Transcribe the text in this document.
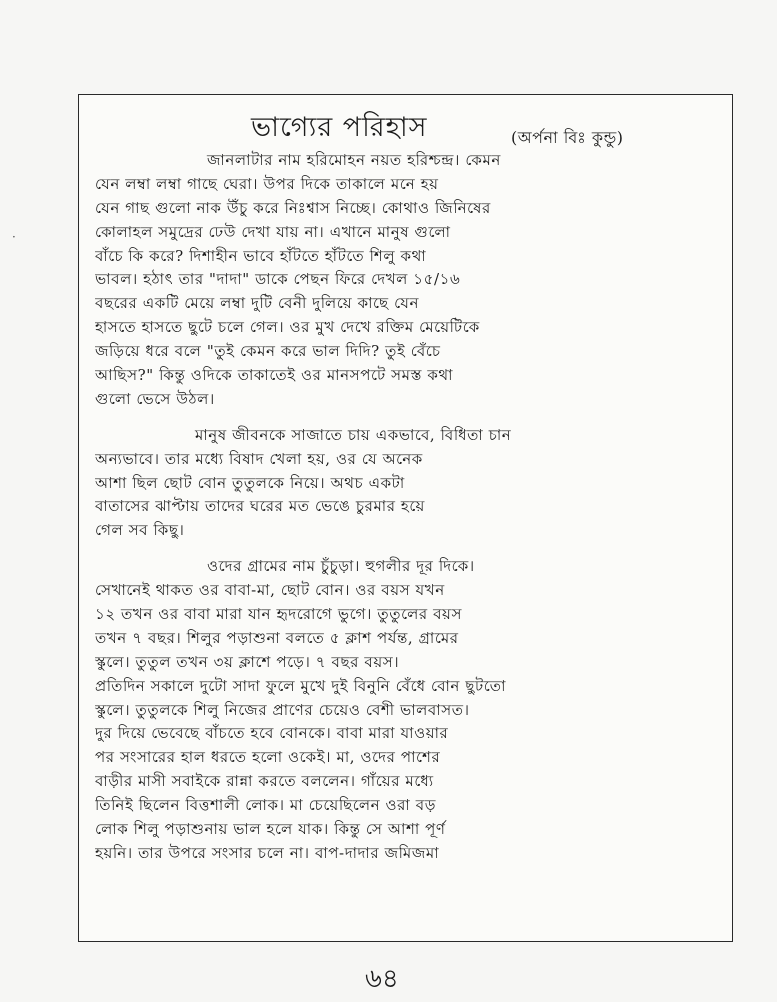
·
ভাগ্যের পরিহাস	(অর্পনা বিঃ কুন্ডু)
জানলাটার নাম হরিমোহন নয়ত হরিশ্চন্দ্র। কেমন
যেন লম্বা লম্বা গাছে ঘেরা। উপর দিকে তাকালে মনে হয়
যেন গাছ গুলো নাক উঁচু করে নিঃশ্বাস নিচ্ছে। কোথাও জিনিষের
কোলাহল সমুদ্রের ঢেউ দেখা যায় না। এখানে মানুষ গুলো
বাঁচে কি করে? দিশাহীন ভাবে হাঁটতে হাঁটতে শিলু কথা
ভাবল। হঠাৎ তার "দাদা" ডাকে পেছন ফিরে দেখল ১৫/১৬
বছরের একটি মেয়ে লম্বা দুটি বেনী দুলিয়ে কাছে যেন
হাসতে হাসতে ছুটে চলে গেল। ওর মুখ দেখে রক্তিম মেয়েটিকে
জড়িয়ে ধরে বলে "তুই কেমন করে ভাল দিদি? তুই বেঁচে
আছিস?" কিন্তু ওদিকে তাকাতেই ওর মানসপটে সমস্ত কথা
গুলো ভেসে উঠল।
মানুষ জীবনকে সাজাতে চায় একভাবে, বিধিতা চান
অন্যভাবে। তার মধ্যে বিষাদ খেলা হয়, ওর যে অনেক
আশা ছিল ছোট বোন তুতুলকে নিয়ে। অথচ একটা
বাতাসের ঝাপ্টায় তাদের ঘরের মত ভেঙে চুরমার হয়ে
গেল সব কিছু।
ওদের গ্রামের নাম চুঁচুড়া। হুগলীর দূর দিকে।
সেখানেই থাকত ওর বাবা-মা, ছোট বোন। ওর বয়স যখন
১২ তখন ওর বাবা মারা যান হৃদরোগে ভুগে। তুতুলের বয়স
তখন ৭ বছর। শিলুর পড়াশুনা বলতে ৫ ক্লাশ পর্যন্ত, গ্রামের
স্কুলে। তুতুল তখন ৩য় ক্লাশে পড়ে। ৭ বছর বয়স।
প্রতিদিন সকালে দুটো সাদা ফুলে মুখে দুই বিনুনি বেঁধে বোন ছুটতো
স্কুলে। তুতুলকে শিলু নিজের প্রাণের চেয়েও বেশী ভালবাসত।
দুর দিয়ে ভেবেছে বাঁচতে হবে বোনকে। বাবা মারা যাওয়ার
পর সংসারের হাল ধরতে হলো ওকেই। মা, ওদের পাশের
বাড়ীর মাসী সবাইকে রান্না করতে বললেন। গাঁয়ের মধ্যে
তিনিই ছিলেন বিত্তশালী লোক। মা চেয়েছিলেন ওরা বড়
লোক শিলু পড়াশুনায় ভাল হলে যাক। কিন্তু সে আশা পূর্ণ
হয়নি। তার উপরে সংসার চলে না। বাপ-দাদার জমিজমা
৬৪
